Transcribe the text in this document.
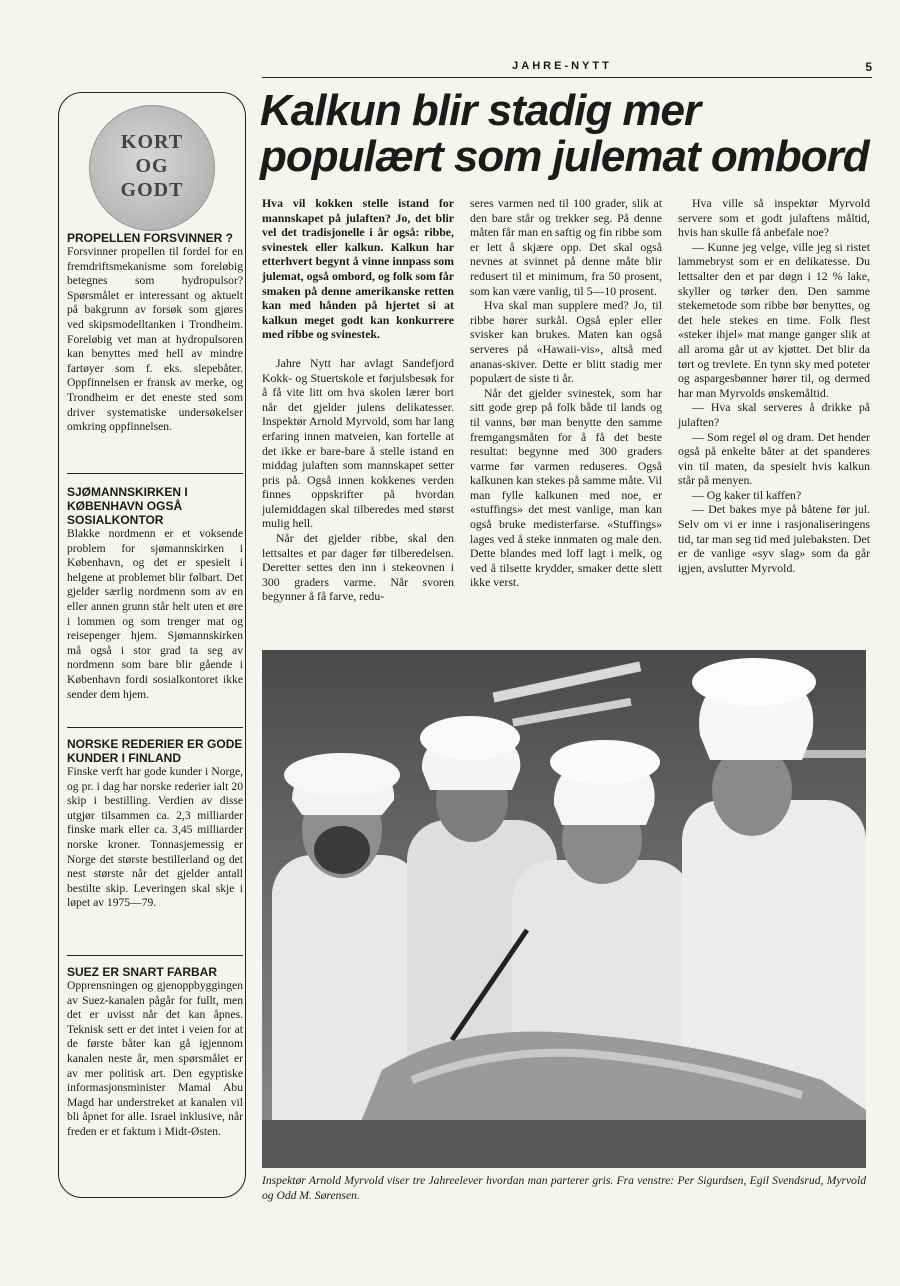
JAHRE-NYTT	5
KORT
OG
GODT
PROPELLEN FORSVINNER ?
Forsvinner propellen til fordel for en fremdriftsmekanisme som foreløbig betegnes som hydropulsor? Spørsmålet er interessant og aktuelt på bakgrunn av forsøk som gjøres ved skipsmodelltanken i Trondheim. Foreløbig vet man at hydropulsoren kan benyttes med hell av mindre fartøyer som f. eks. slepebåter. Oppfinnelsen er fransk av merke, og Trondheim er det eneste sted som driver systematiske undersøkelser omkring oppfinnelsen.
SJØMANNSKIRKEN I KØBENHAVN OGSÅ SOSIALKONTOR
Blakke nordmenn er et voksende problem for sjømannskirken i København, og det er spesielt i helgene at problemet blir følbart. Det gjelder særlig nordmenn som av en eller annen grunn står helt uten et øre i lommen og som trenger mat og reisepenger hjem. Sjømannskirken må også i stor grad ta seg av nordmenn som bare blir gående i København fordi sosialkontoret ikke sender dem hjem.
NORSKE REDERIER ER GODE KUNDER I FINLAND
Finske verft har gode kunder i Norge, og pr. i dag har norske rederier ialt 20 skip i bestilling. Verdien av disse utgjør tilsammen ca. 2,3 milliarder finske mark eller ca. 3,45 milliarder norske kroner. Tonnasjemessig er Norge det største bestillerland og det nest største når det gjelder antall bestilte skip. Leveringen skal skje i løpet av 1975—79.
SUEZ ER SNART FARBAR
Opprensningen og gjenoppbyggingen av Suez-kanalen pågår for fullt, men det er uvisst når det kan åpnes. Teknisk sett er det intet i veien for at de første båter kan gå igjennom kanalen neste år, men spørsmålet er av mer politisk art. Den egyptiske informasjonsminister Mamal Abu Magd har understreket at kanalen vil bli åpnet for alle. Israel inklusive, når freden er et faktum i Midt-Østen.
Kalkun blir stadig mer populært som julemat ombord

Hva vil kokken stelle istand for mannskapet på julaften? Jo, det blir vel det tradisjonelle i år også: ribbe, svinestek eller kalkun. Kalkun har etterhvert begynt å vinne innpass som julemat, også ombord, og folk som får smaken på denne amerikanske retten kan med hånden på hjertet si at kalkun meget godt kan konkurrere med ribbe og svinestek.

Jahre Nytt har avlagt Sandefjord Kokk- og Stuertskole et førjulsbesøk for å få vite litt om hva skolen lærer bort når det gjelder julens delikatesser. Inspektør Arnold Myrvold, som har lang erfaring innen matveien, kan fortelle at det ikke er bare-bare å stelle istand en middag julaften som mannskapet setter pris på. Også innen kokkenes verden finnes oppskrifter på hvordan julemiddagen skal tilberedes med størst mulig hell.

Når det gjelder ribbe, skal den lettsaltes et par dager før tilberedelsen. Deretter settes den inn i stekeovnen i 300 graders varme. Når svoren begynner å få farve, redu-

seres varmen ned til 100 grader, slik at den bare står og trekker seg. På denne måten får man en saftig og fin ribbe som er lett å skjære opp. Det skal også nevnes at svinnet på denne måte blir redusert til et minimum, fra 50 prosent, som kan være vanlig, til 5—10 prosent.

Hva skal man supplere med? Jo, til ribbe hører surkål. Også epler eller svisker kan brukes. Maten kan også serveres på «Hawaii-vis», altså med ananas-skiver. Dette er blitt stadig mer populært de siste ti år.

Når det gjelder svinestek, som har sitt gode grep på folk både til lands og til vanns, bør man benytte den samme fremgangsmåten for å få det beste resultat: begynne med 300 graders varme før varmen reduseres. Også kalkunen kan stekes på samme måte. Vil man fylle kalkunen med noe, er «stuffings» det mest vanlige, man kan også bruke medisterfarse. «Stuffings» lages ved å steke innmaten og male den. Dette blandes med loff lagt i melk, og ved å tilsette krydder, smaker dette slett ikke verst.

Hva ville så inspektør Myrvold servere som et godt julaftens måltid, hvis han skulle få anbefale noe?

— Kunne jeg velge, ville jeg si ristet lammebryst som er en delikatesse. Du lettsalter den et par døgn i 12 % lake, skyller og tørker den. Den samme stekemetode som ribbe bør benyttes, og det hele stekes en time. Folk flest «steker ihjel» mat mange ganger slik at all aroma går ut av kjøttet. Det blir da tørt og trevlete. En tynn sky med poteter og aspargesbønner hører til, og dermed har man Myrvolds ønskemåltid.

— Hva skal serveres å drikke på julaften?

— Som regel øl og dram. Det hender også på enkelte båter at det spanderes vin til maten, da spesielt hvis kalkun står på menyen.

— Og kaker til kaffen?

— Det bakes mye på båtene før jul. Selv om vi er inne i rasjonaliseringens tid, tar man seg tid med julebaksten. Det er de vanlige «syv slag» som da går igjen, avslutter Myrvold.

Inspektør Arnold Myrvold viser tre Jahreelever hvordan man parterer gris. Fra venstre: Per Sigurdsen, Egil Svendsrud, Myrvold og Odd M. Sørensen.
